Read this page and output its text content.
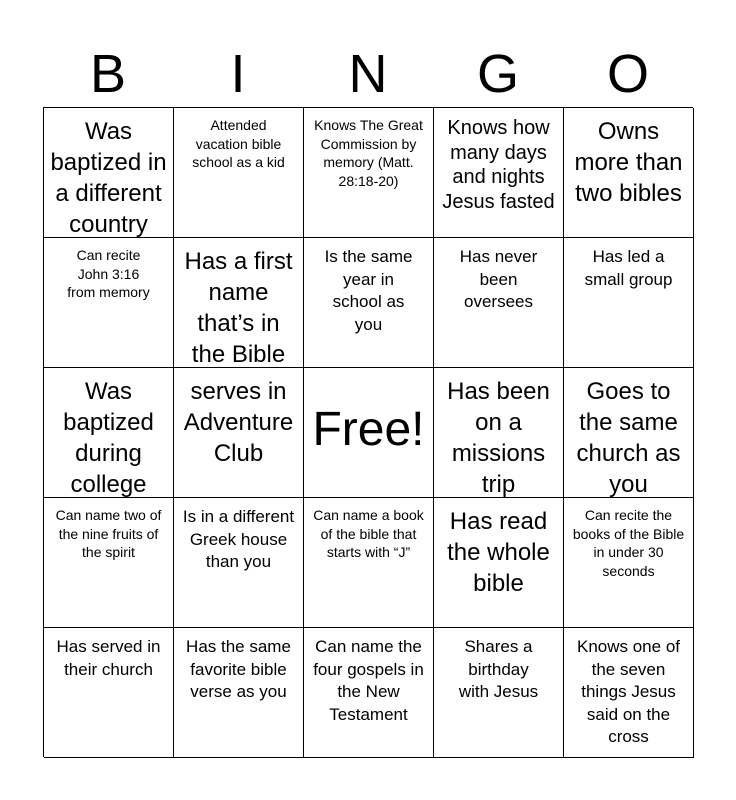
B	I	N	G	O
Was baptized in a different country
Attended vacation bible school as a kid
Knows The Great Commission by memory (Matt. 28:18-20)
Knows how many days and nights Jesus fasted
Owns more than two bibles
Can recite John 3:16 from memory
Has a first name that’s in the Bible
Is the same year in school as you
Has never been oversees
Has led a small group
Was baptized during college
serves in Adventure Club	Free!
Has been on a missions trip
Goes to the same church as you
Can name two of the nine fruits of the spirit
Is in a different Greek house than you
Can name a book of the bible that starts with “J”
Has read the whole bible
Can recite the books of the Bible in under 30 seconds
Has served in their church
Has the same favorite bible verse as you
Can name the four gospels in the New Testament
Shares a birthday with Jesus
Knows one of the seven things Jesus said on the cross
